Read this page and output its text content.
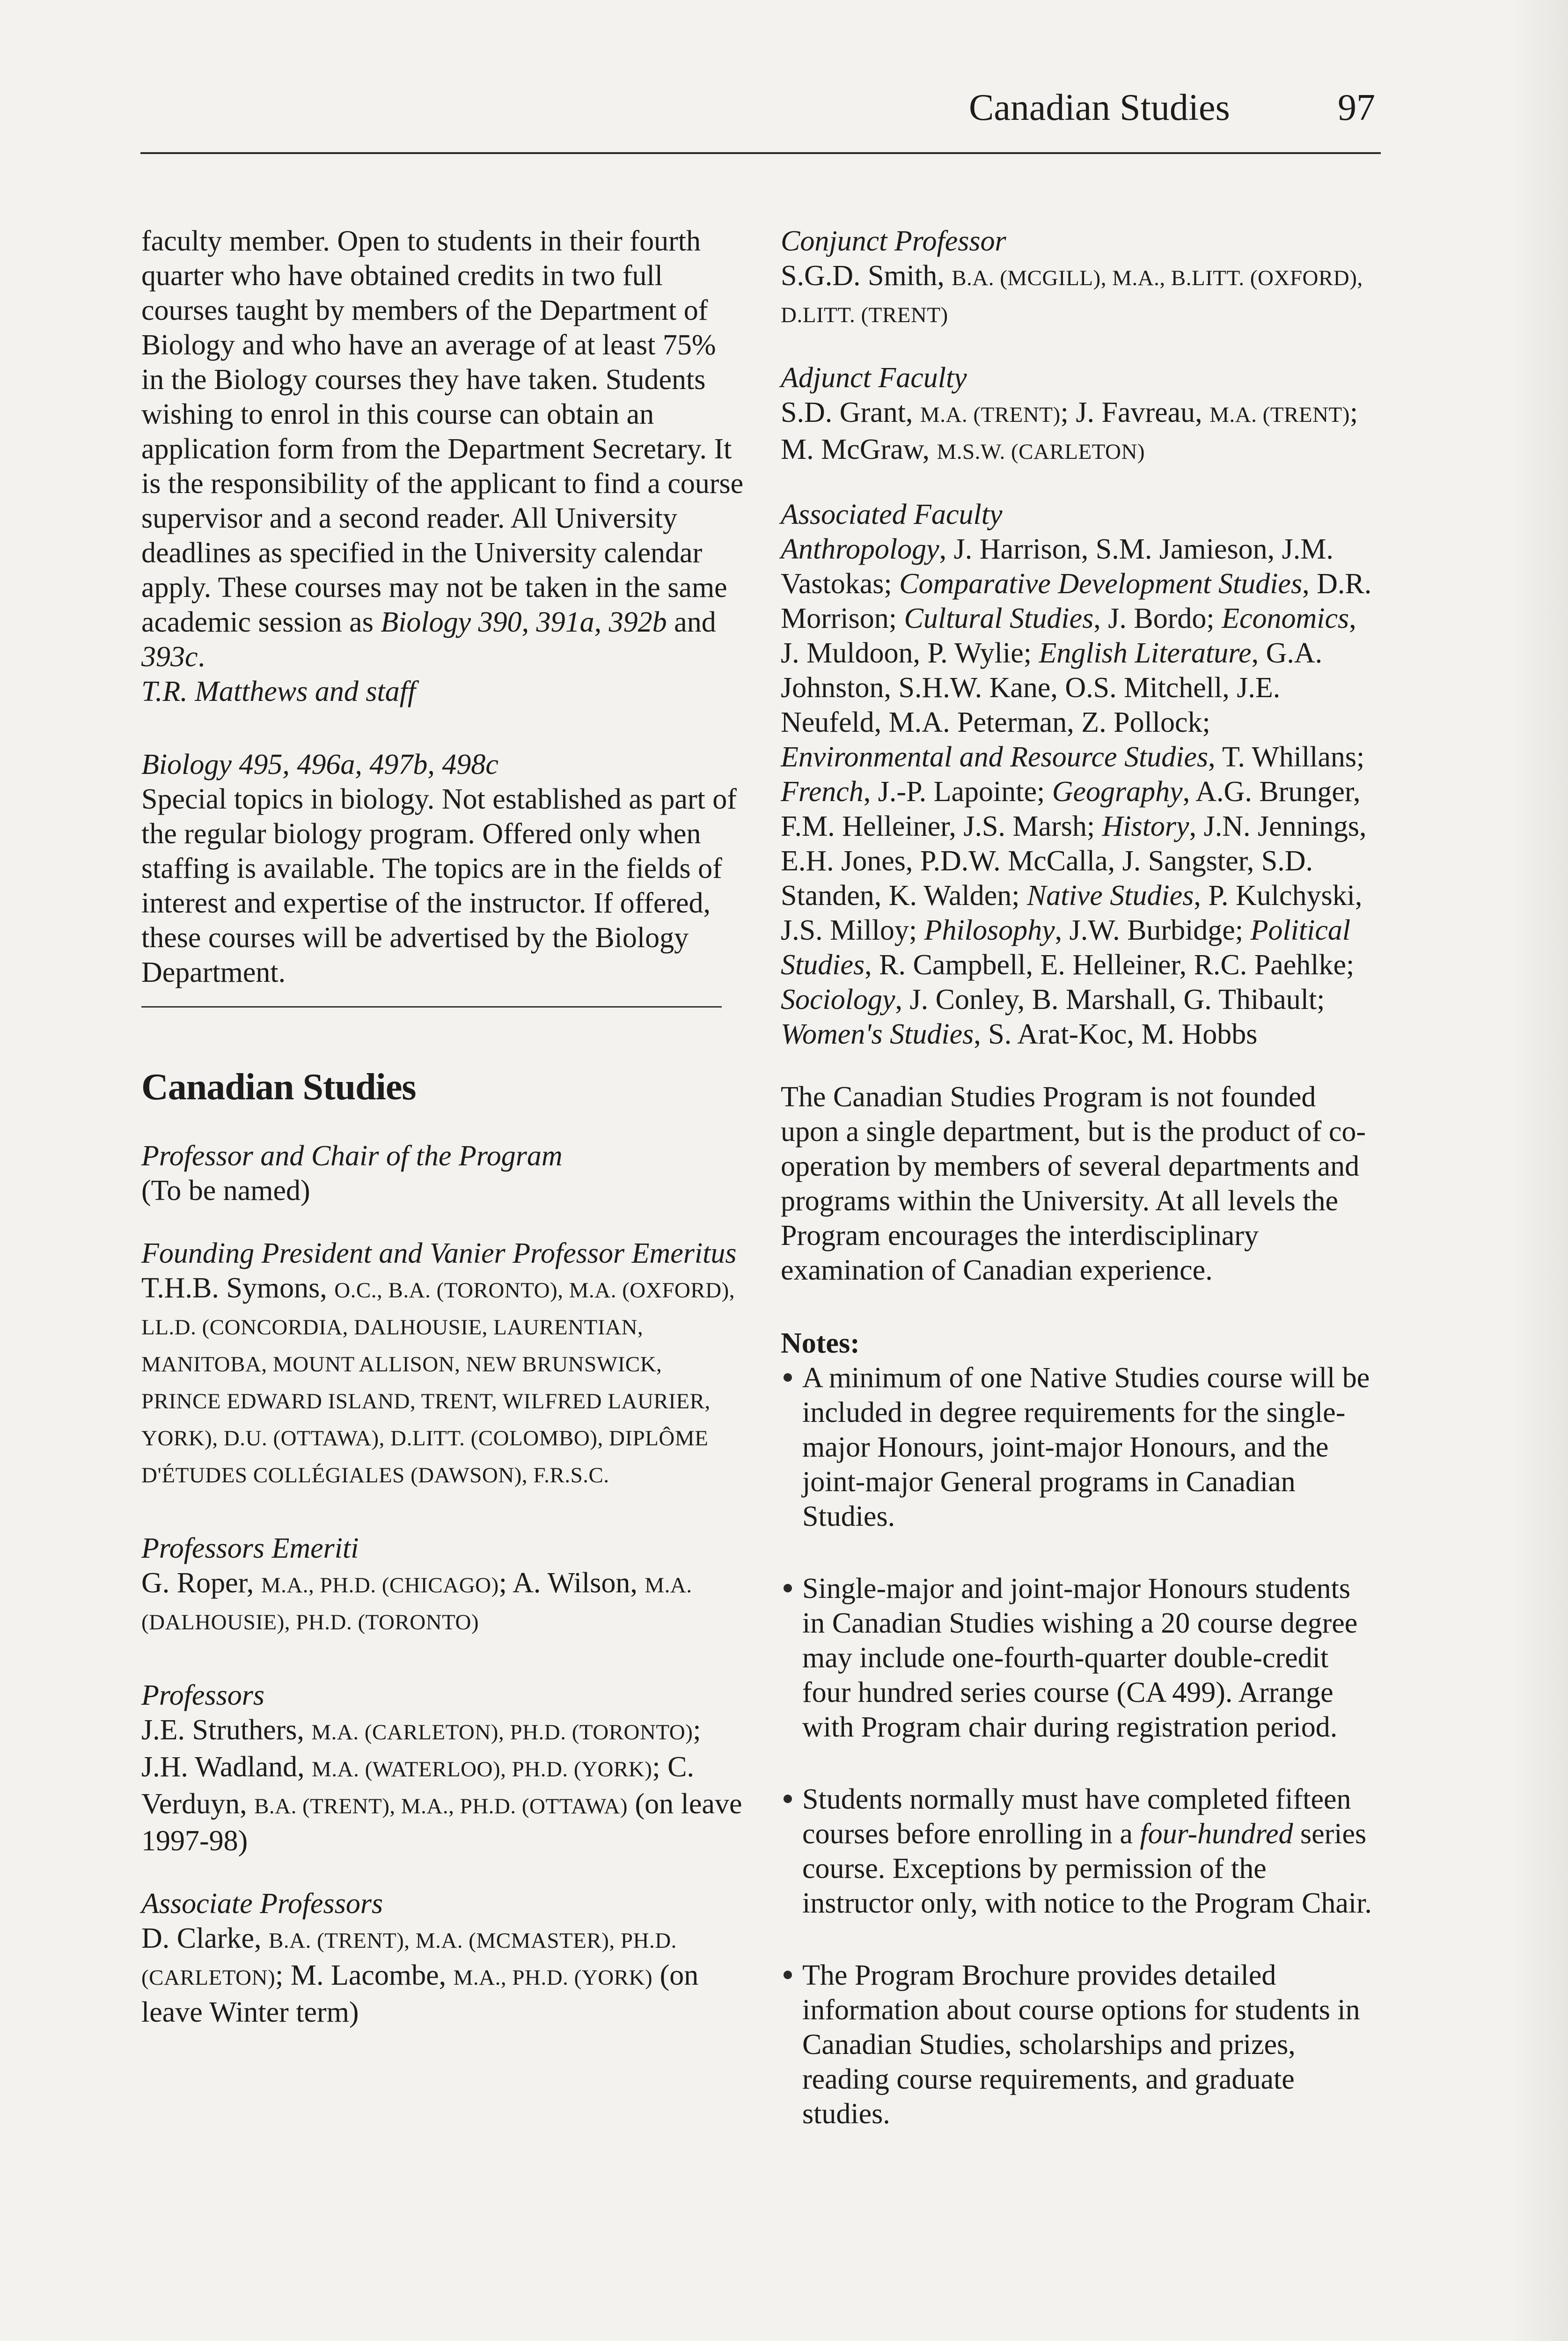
Canadian Studies	97

faculty member. Open to students in their fourth quarter who have obtained credits in two full courses taught by members of the Department of Biology and who have an average of at least 75% in the Biology courses they have taken. Students wishing to enrol in this course can obtain an application form from the Department Secretary. It is the responsibility of the applicant to find a course supervisor and a second reader. All University deadlines as specified in the University calendar apply. These courses may not be taken in the same academic session as Biology 390, 391a, 392b and 393c.

T.R. Matthews and staff

Biology 495, 496a, 497b, 498c

Special topics in biology. Not established as part of the regular biology program. Offered only when staffing is available. The topics are in the fields of interest and expertise of the instructor. If offered, these courses will be advertised by the Biology Department.

Canadian Studies

Professor and Chair of the Program

(To be named)

Founding President and Vanier Professor Emeritus

T.H.B. Symons, O.C., B.A. (TORONTO), M.A. (OXFORD), LL.D. (CONCORDIA, DALHOUSIE, LAURENTIAN, MANITOBA, MOUNT ALLISON, NEW BRUNSWICK, PRINCE EDWARD ISLAND, TRENT, WILFRED LAURIER, YORK), D.U. (OTTAWA), D.LITT. (COLOMBO), DIPLÔME D'ÉTUDES COLLÉGIALES (DAWSON), F.R.S.C.

Professors Emeriti

G. Roper, M.A., PH.D. (CHICAGO); A. Wilson, M.A. (DALHOUSIE), PH.D. (TORONTO)

Professors

J.E. Struthers, M.A. (CARLETON), PH.D. (TORONTO); J.H. Wadland, M.A. (WATERLOO), PH.D. (YORK); C. Verduyn, B.A. (TRENT), M.A., PH.D. (OTTAWA) (on leave 1997-98)

Associate Professors

D. Clarke, B.A. (TRENT), M.A. (MCMASTER), PH.D. (CARLETON); M. Lacombe, M.A., PH.D. (YORK) (on leave Winter term)

Conjunct Professor

S.G.D. Smith, B.A. (MCGILL), M.A., B.LITT. (OXFORD), D.LITT. (TRENT)

Adjunct Faculty

S.D. Grant, M.A. (TRENT); J. Favreau, M.A. (TRENT); M. McGraw, M.S.W. (CARLETON)

Associated Faculty

Anthropology, J. Harrison, S.M. Jamieson, J.M. Vastokas; Comparative Development Studies, D.R. Morrison; Cultural Studies, J. Bordo; Economics, J. Muldoon, P. Wylie; English Literature, G.A. Johnston, S.H.W. Kane, O.S. Mitchell, J.E. Neufeld, M.A. Peterman, Z. Pollock; Environmental and Resource Studies, T. Whillans; French, J.-P. Lapointe; Geography, A.G. Brunger, F.M. Helleiner, J.S. Marsh; History, J.N. Jennings, E.H. Jones, P.D.W. McCalla, J. Sangster, S.D. Standen, K. Walden; Native Studies, P. Kulchyski, J.S. Milloy; Philosophy, J.W. Burbidge; Political Studies, R. Campbell, E. Helleiner, R.C. Paehlke; Sociology, J. Conley, B. Marshall, G. Thibault; Women's Studies, S. Arat-Koc, M. Hobbs

The Canadian Studies Program is not founded upon a single department, but is the product of co-operation by members of several departments and programs within the University. At all levels the Program encourages the interdisciplinary examination of Canadian experience.

Notes:

A minimum of one Native Studies course will be included in degree requirements for the single-major Honours, joint-major Honours, and the joint-major General programs in Canadian Studies.
Single-major and joint-major Honours students in Canadian Studies wishing a 20 course degree may include one-fourth-quarter double-credit four hundred series course (CA 499). Arrange with Program chair during registration period.
Students normally must have completed fifteen courses before enrolling in a four-hundred series course. Exceptions by permission of the instructor only, with notice to the Program Chair.
The Program Brochure provides detailed information about course options for students in Canadian Studies, scholarships and prizes, reading course requirements, and graduate studies.
